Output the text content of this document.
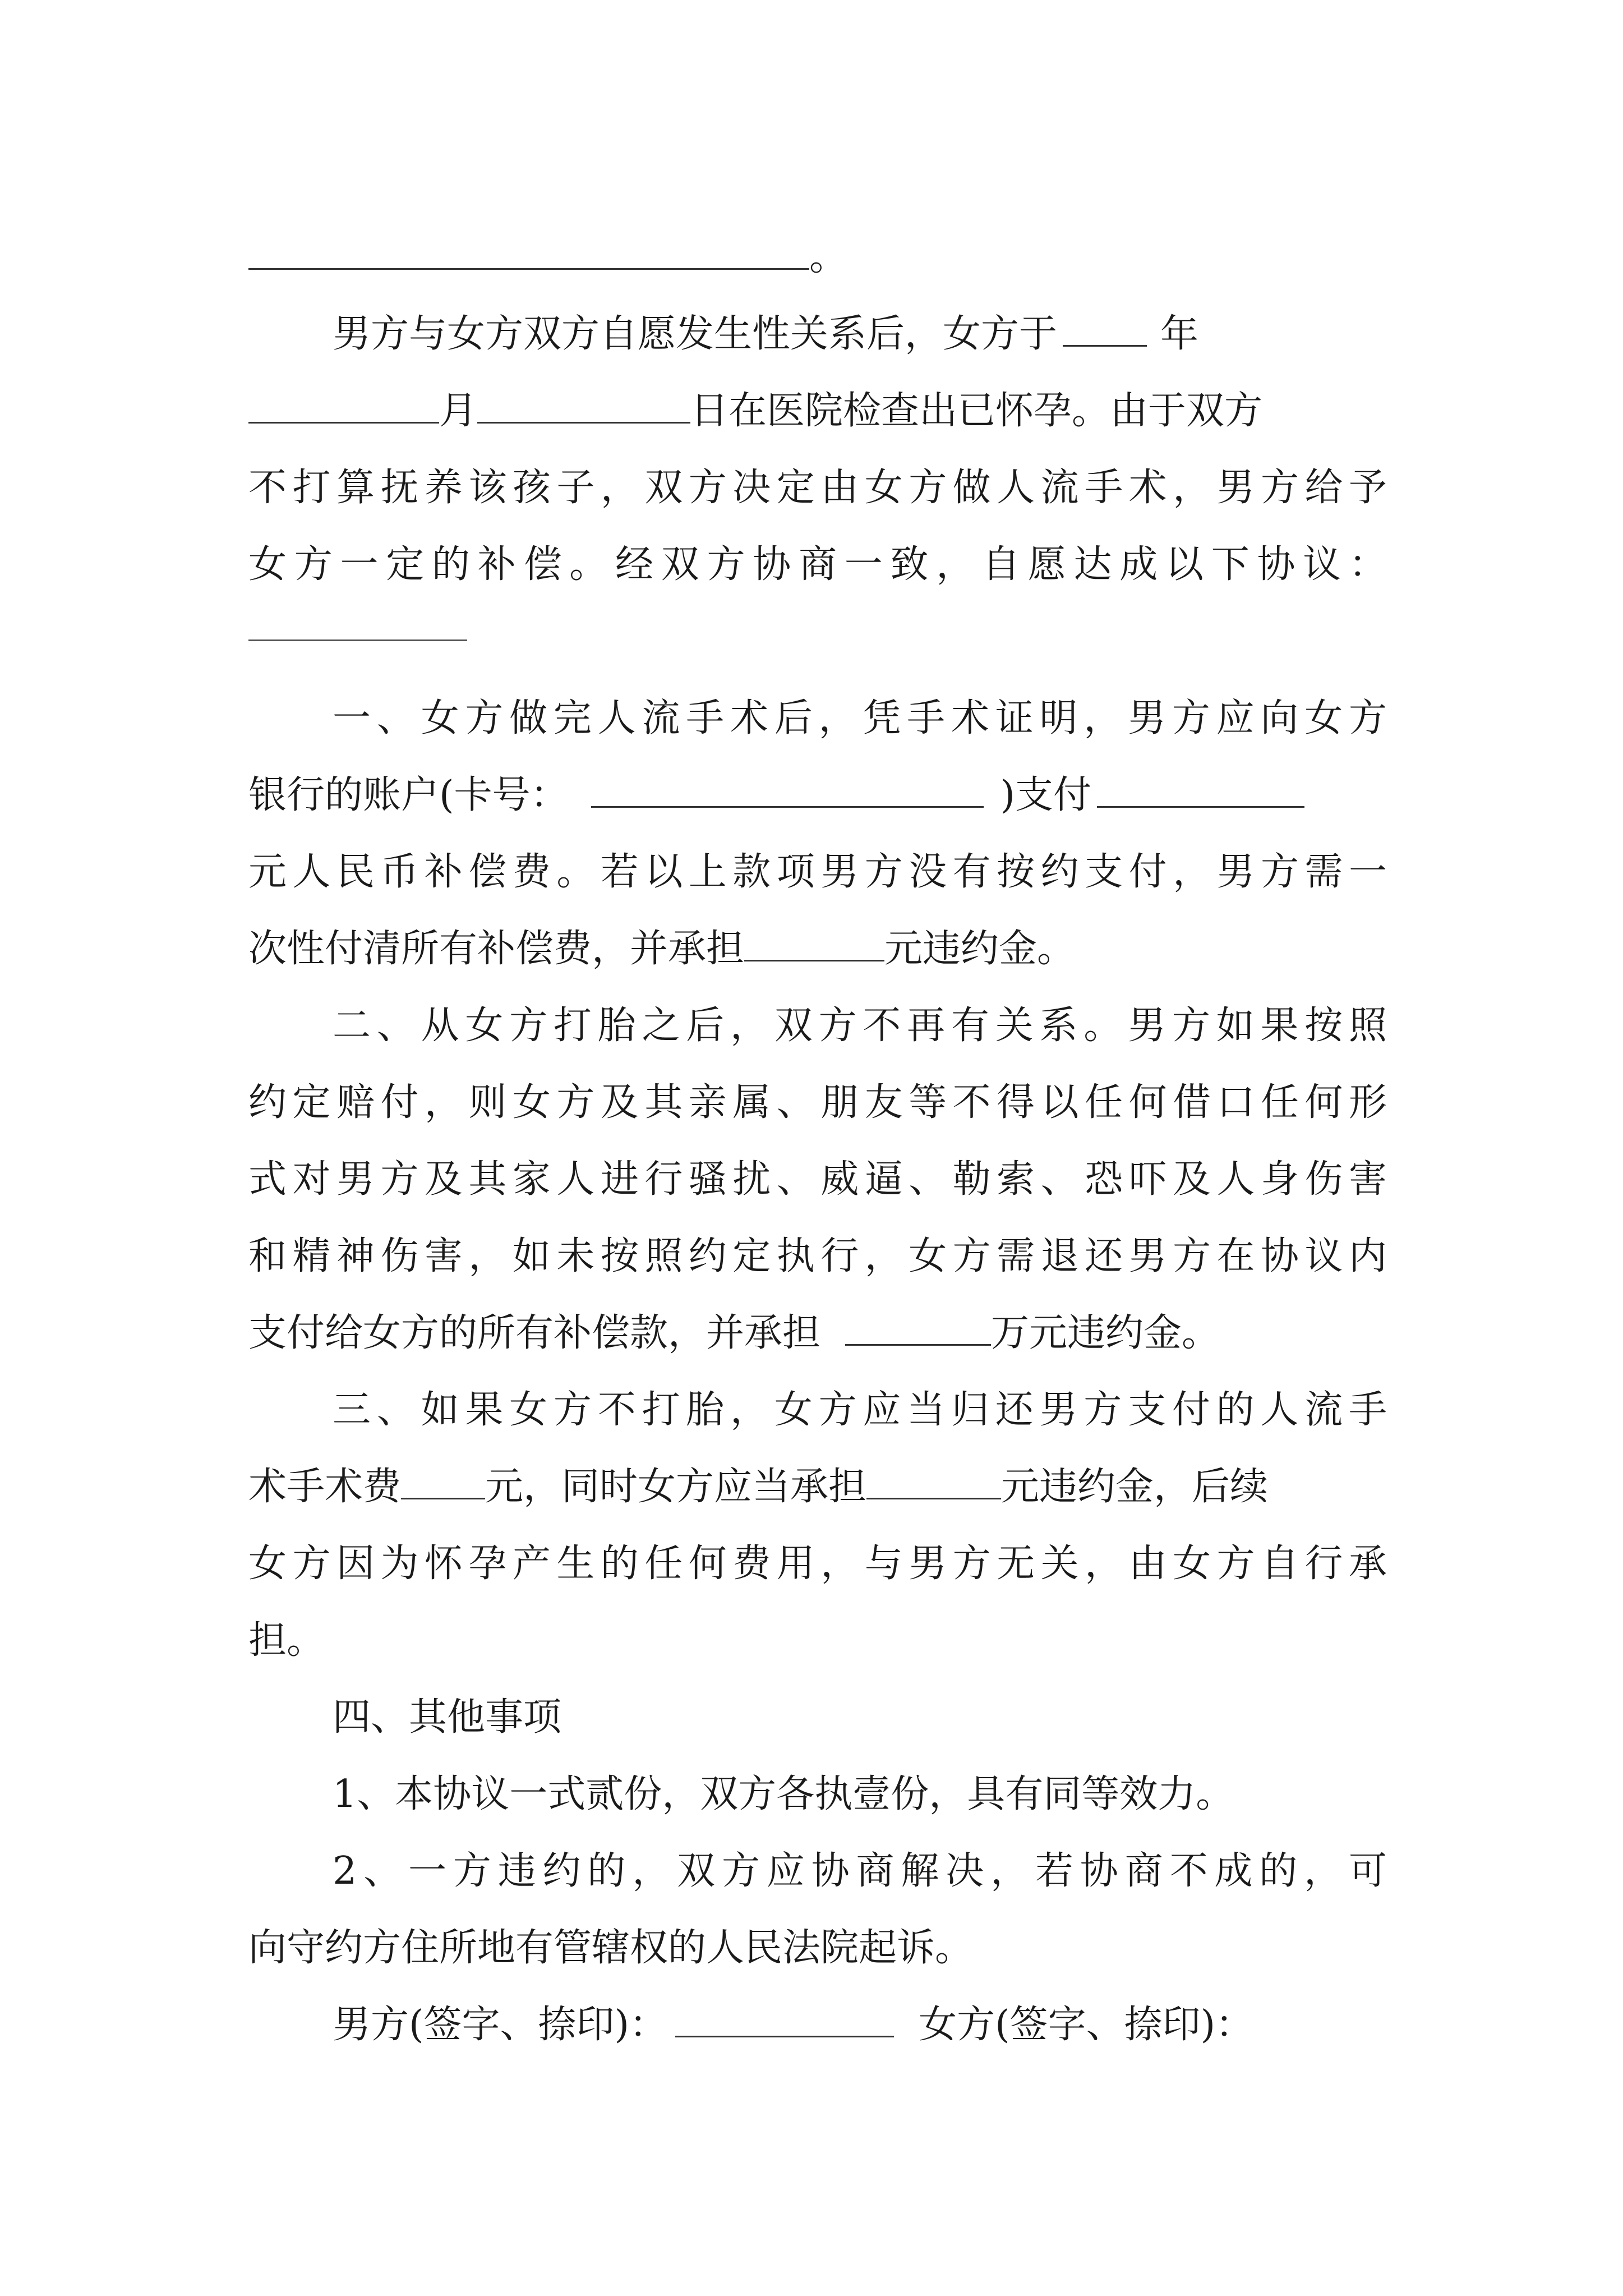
。
男方与女方双方自愿发生性关系后，女方于	年
月	日在医院检查出已怀孕。由于双方
不打算抚养该孩子，双方决定由女方做人流手术，男方给予
女方一定的补偿。经双方协商一致，自愿达成以下协议：
一、女方做完人流手术后，凭手术证明，男方应向女方
银行的账户(卡号：	)支付
元人民币补偿费。若以上款项男方没有按约支付，男方需一
次性付清所有补偿费，并承担	元违约金。
二、从女方打胎之后，双方不再有关系。男方如果按照
约定赔付，则女方及其亲属、朋友等不得以任何借口任何形
式对男方及其家人进行骚扰、威逼、勒索、恐吓及人身伤害
和精神伤害，如未按照约定执行，女方需退还男方在协议内
支付给女方的所有补偿款，并承担	万元违约金。
三、如果女方不打胎，女方应当归还男方支付的人流手
术手术费 元，同时女方应当承担	元违约金，后续
女方因为怀孕产生的任何费用，与男方无关，由女方自行承
担。
四、其他事项
1、本协议一式贰份，双方各执壹份，具有同等效力。
2、一方违约的，双方应协商解决，若协商不成的，可
向守约方住所地有管辖权的人民法院起诉。
男方(签字、捺印)：	女方(签字、捺印)：
